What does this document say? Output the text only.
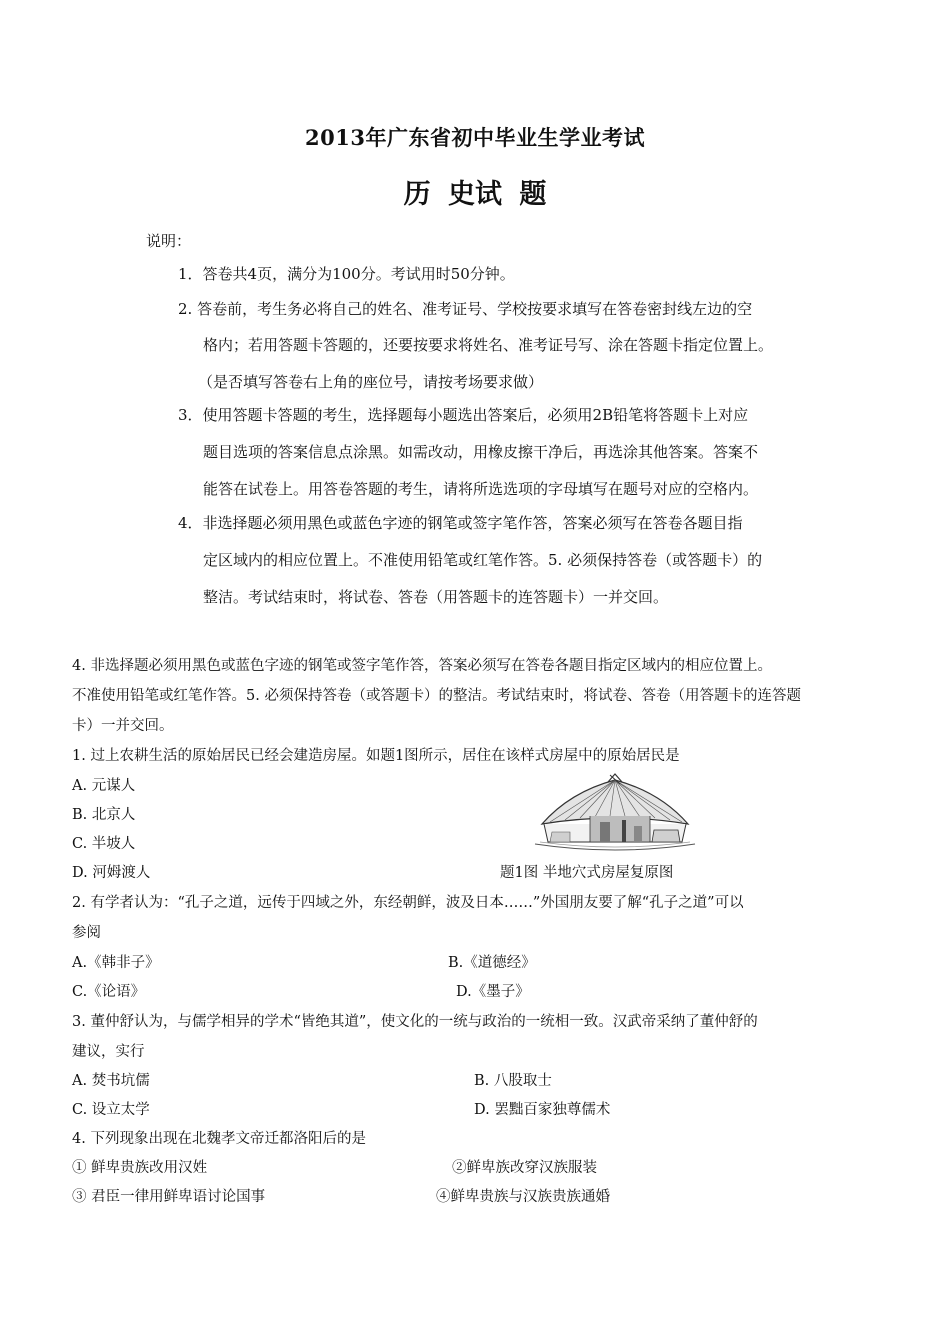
2013年广东省初中毕业生学业考试
历 史试 题
说明：
1．答卷共4页，满分为100分。考试用时50分钟。
2. 答卷前，考生务必将自己的姓名、准考证号、学校按要求填写在答卷密封线左边的空
格内；若用答题卡答题的，还要按要求将姓名、准考证号写、涂在答题卡指定位置上。
（是否填写答卷右上角的座位号，请按考场要求做）
3．使用答题卡答题的考生，选择题每小题选出答案后，必须用2B铅笔将答题卡上对应
题目选项的答案信息点涂黑。如需改动，用橡皮擦干净后，再选涂其他答案。答案不
能答在试卷上。用答卷答题的考生，请将所选选项的字母填写在题号对应的空格内。
4．非选择题必须用黑色或蓝色字迹的钢笔或签字笔作答，答案必须写在答卷各题目指
定区域内的相应位置上。不准使用铅笔或红笔作答。5. 必须保持答卷（或答题卡）的
整洁。考试结束时，将试卷、答卷（用答题卡的连答题卡）一并交回。
4. 非选择题必须用黑色或蓝色字迹的钢笔或签字笔作答，答案必须写在答卷各题目指定区域内的相应位置上。
不准使用铅笔或红笔作答。5. 必须保持答卷（或答题卡）的整洁。考试结束时，将试卷、答卷（用答题卡的连答题
卡）一并交回。
1. 过上农耕生活的原始居民已经会建造房屋。如题1图所示，居住在该样式房屋中的原始居民是
A. 元谋人
B. 北京人
C. 半坡人
D. 河姆渡人	题1图 半地穴式房屋复原图
2. 有学者认为：“孔子之道，远传于四域之外，东经朝鲜，波及日本……”外国朋友要了解“孔子之道”可以
参阅
A.《韩非子》	B.《道德经》
C.《论语》	D.《墨子》
3. 董仲舒认为，与儒学相异的学术“皆绝其道”，使文化的一统与政治的一统相一致。汉武帝采纳了董仲舒的
建议，实行
A. 焚书坑儒	B. 八股取士
C. 设立太学	D. 罢黜百家独尊儒术
4. 下列现象出现在北魏孝文帝迁都洛阳后的是
① 鲜卑贵族改用汉姓	②鲜卑族改穿汉族服装
③ 君臣一律用鲜卑语讨论国事	④鲜卑贵族与汉族贵族通婚
